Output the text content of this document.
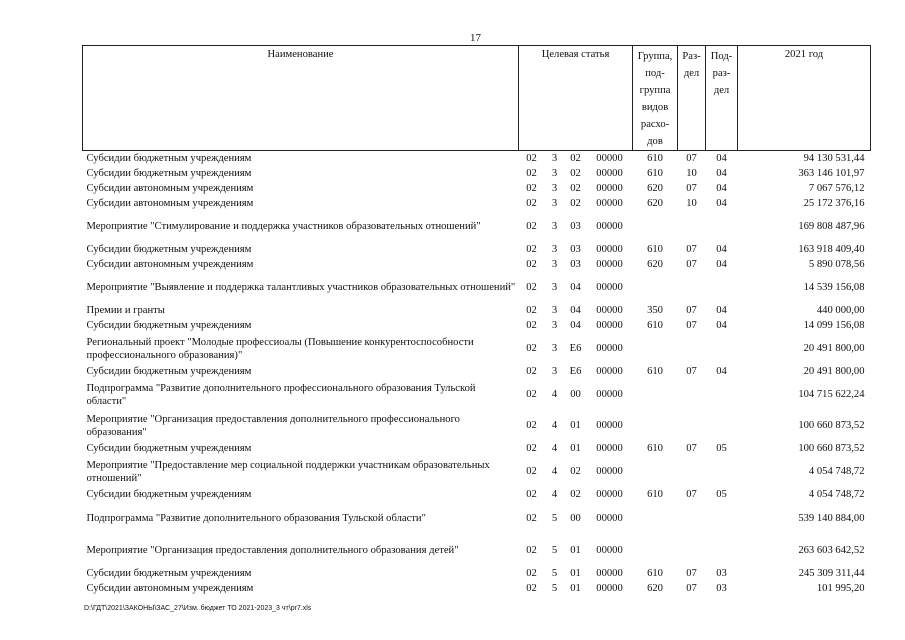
17
Наименование	Целевая статья				Группа, под- группа видов расхо- дов	Раз- дел	Под- раз- дел	2021 год
Субсидии бюджетным учреждениям	02	3	02	00000	610	07	04	94 130 531,44
Субсидии бюджетным учреждениям	02	3	02	00000	610	10	04	363 146 101,97
Субсидии автономным учреждениям	02	3	02	00000	620	07	04	7 067 576,12
Субсидии автономным учреждениям	02	3	02	00000	620	10	04	25 172 376,16
Мероприятие "Стимулирование и поддержка участников образовательных отношений"	02	3	03	00000				169 808 487,96
Субсидии бюджетным учреждениям	02	3	03	00000	610	07	04	163 918 409,40
Субсидии автономным учреждениям	02	3	03	00000	620	07	04	5 890 078,56
Мероприятие "Выявление и поддержка талантливых участников образовательных отношений"	02	3	04	00000				14 539 156,08
Премии и гранты	02	3	04	00000	350	07	04	440 000,00
Субсидии бюджетным учреждениям	02	3	04	00000	610	07	04	14 099 156,08
Региональный проект "Молодые профессиоалы (Повышение конкурентоспособности профессионального образования)"	02	3	E6	00000				20 491 800,00
Субсидии бюджетным учреждениям	02	3	E6	00000	610	07	04	20 491 800,00
Подпрограмма "Развитие дополнительного профессионального образования Тульской области"	02	4	00	00000				104 715 622,24
Мероприятие "Организация предоставления дополнительного профессионального образования"	02	4	01	00000				100 660 873,52
Субсидии бюджетным учреждениям	02	4	01	00000	610	07	05	100 660 873,52
Мероприятие "Предоставление мер социальной поддержки участникам образовательных отношений"	02	4	02	00000				4 054 748,72
Субсидии бюджетным учреждениям	02	4	02	00000	610	07	05	4 054 748,72
Подпрограмма "Развитие дополнительного образования Тульской области"	02	5	00	00000				539 140 884,00
Мероприятие "Организация предоставления дополнительного образования детей"	02	5	01	00000				263 603 642,52
Субсидии бюджетным учреждениям	02	5	01	00000	610	07	03	245 309 311,44
Субсидии автономным учреждениям	02	5	01	00000	620	07	03	101 995,20
D:\ГДТ\2021\ЗАКОНЫ\ЗАС_27\Изм. бюджет ТО 2021-2023_3 чт\pr7.xls
